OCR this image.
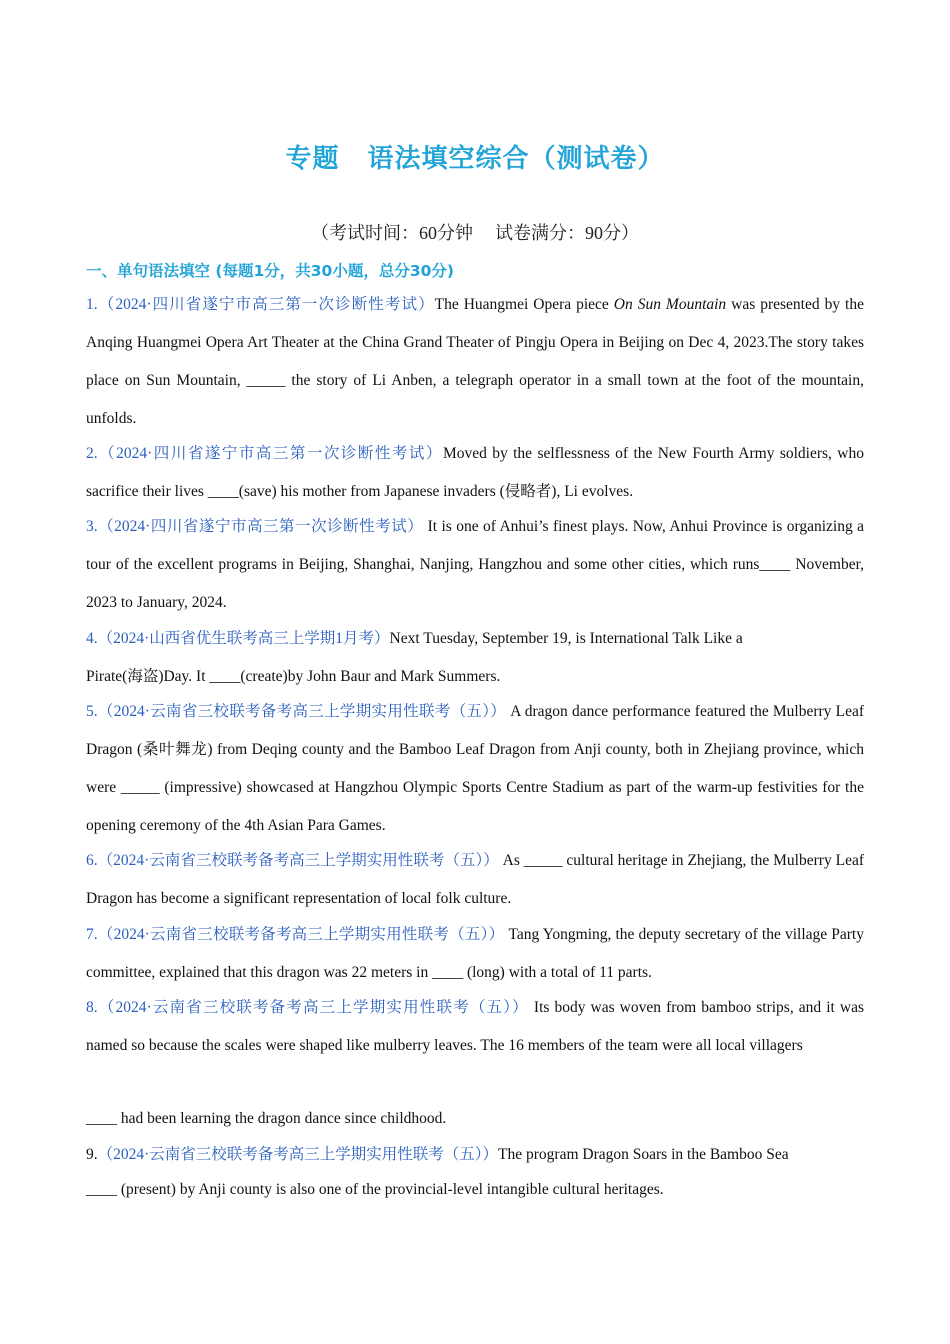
专题 语法填空综合（测试卷）
（考试时间：60分钟 试卷满分：90分）
一、单句语法填空 (每题1分，共30小题，总分30分)
1.（2024·四川省遂宁市高三第一次诊断性考试）The Huangmei Opera piece On Sun Mountain was presented by the Anqing Huangmei Opera Art Theater at the China Grand Theater of Pingju Opera in Beijing on Dec 4, 2023.The story takes place on Sun Mountain, _____ the story of Li Anben, a telegraph operator in a small town at the foot of the mountain, unfolds.
2.（2024·四川省遂宁市高三第一次诊断性考试）Moved by the selflessness of the New Fourth Army soldiers, who sacrifice their lives ____(save) his mother from Japanese invaders (侵略者), Li evolves.
3.（2024·四川省遂宁市高三第一次诊断性考试） It is one of Anhui’s finest plays. Now, Anhui Province is organizing a tour of the excellent programs in Beijing, Shanghai, Nanjing, Hangzhou and some other cities, which runs____ November, 2023 to January, 2024.
4.（2024·山西省优生联考高三上学期1月考）Next Tuesday, September 19, is International Talk Like a
Pirate(海盗)Day. It ____(create)by John Baur and Mark Summers.
5.（2024·云南省三校联考备考高三上学期实用性联考（五）） A dragon dance performance featured the Mulberry Leaf Dragon (桑叶舞龙) from Deqing county and the Bamboo Leaf Dragon from Anji county, both in Zhejiang province, which were _____ (impressive) showcased at Hangzhou Olympic Sports Centre Stadium as part of the warm-up festivities for the opening ceremony of the 4th Asian Para Games.
6.（2024·云南省三校联考备考高三上学期实用性联考（五）） As _____ cultural heritage in Zhejiang, the Mulberry Leaf Dragon has become a significant representation of local folk culture.
7.（2024·云南省三校联考备考高三上学期实用性联考（五）） Tang Yongming, the deputy secretary of the village Party committee, explained that this dragon was 22 meters in ____ (long) with a total of 11 parts.
8.（2024·云南省三校联考备考高三上学期实用性联考（五）） Its body was woven from bamboo strips, and it was named so because the scales were shaped like mulberry leaves. The 16 members of the team were all local villagers
____ had been learning the dragon dance since childhood.
9.（2024·云南省三校联考备考高三上学期实用性联考（五））The program Dragon Soars in the Bamboo Sea
____ (present) by Anji county is also one of the provincial-level intangible cultural heritages.
